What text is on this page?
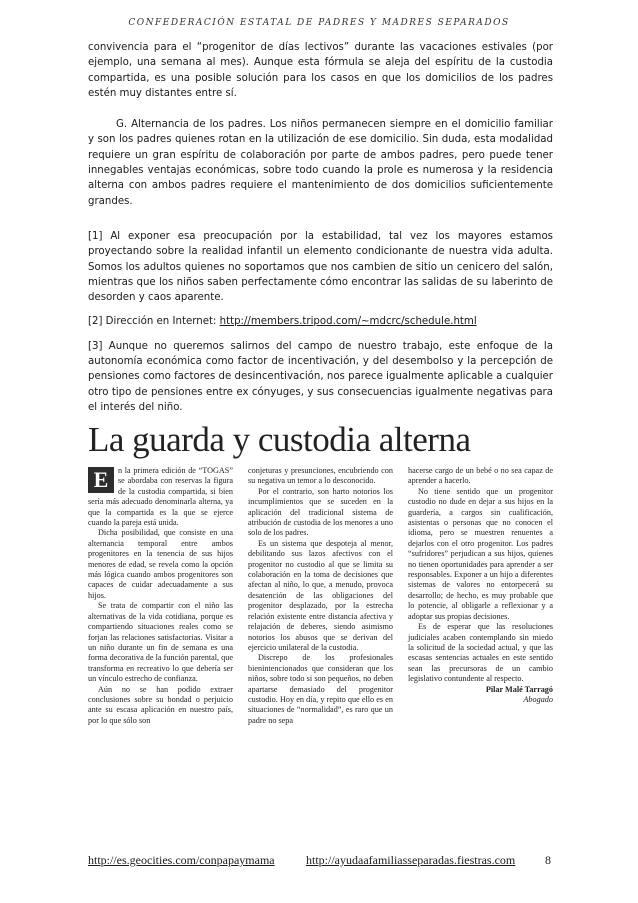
CONFEDERACIÓN ESTATAL DE PADRES Y MADRES SEPARADOS

convivencia para el “progenitor de días lectivos” durante las vacaciones estivales (por ejemplo, una semana al mes). Aunque esta fórmula se aleja del espíritu de la custodia compartida, es una posible solución para los casos en que los domicilios de los padres estén muy distantes entre sí.

G. Alternancia de los padres. Los niños permanecen siempre en el domicilio familiar y son los padres quienes rotan en la utilización de ese domicilio. Sin duda, esta modalidad requiere un gran espíritu de colaboración por parte de ambos padres, pero puede tener innegables ventajas económicas, sobre todo cuando la prole es numerosa y la residencia alterna con ambos padres requiere el mantenimiento de dos domicilios suficientemente grandes.

[1] Al exponer esa preocupación por la estabilidad, tal vez los mayores estamos proyectando sobre la realidad infantil un elemento condicionante de nuestra vida adulta. Somos los adultos quienes no soportamos que nos cambien de sitio un cenicero del salón, mientras que los niños saben perfectamente cómo encontrar las salidas de su laberinto de desorden y caos aparente.

[2] Dirección en Internet: http://members.tripod.com/~mdcrc/schedule.html

[3] Aunque no queremos salirnos del campo de nuestro trabajo, este enfoque de la autonomía económica como factor de incentivación, y del desembolso y la percepción de pensiones como factores de desincentivación, nos parece igualmente aplicable a cualquier otro tipo de pensiones entre ex cónyuges, y sus consecuencias igualmente negativas para el interés del niño.

La guarda y custodia alterna

E	n la primera edición de “TOGAS” se abordaba con reservas la figura de la custodia compartida, si bien sería más adecuado denominarla alterna, ya que la compartida es la que se ejerce cuando la pareja está unida.

Dicha posibilidad, que consiste en una alternancia temporal entre ambos progenitores en la tenencia de sus hijos menores de edad, se revela como la opción más lógica cuando ambos progenitores son capaces de cuidar adecuadamente a sus hijos.

Se trata de compartir con el niño las alternativas de la vida cotidiana, porque es compartiendo situaciones reales como se forjan las relaciones satisfactorias. Visitar a un niño durante un fin de semana es una forma decorativa de la función parental, que transforma en recreativo lo que debería ser un vínculo estrecho de confianza.

Aún no se han podido extraer conclusiones sobre su bondad o perjuicio ante su escasa aplicación en nuestro país, por lo que sólo son

conjeturas y presunciones, encubriendo con su negativa un temor a lo desconocido.

Por el contrario, son harto notorios los incumplimientos que se suceden en la aplicación del tradicional sistema de atribución de custodia de los menores a uno solo de los padres.

Es un sistema que despoteja al menor, debilitando sus lazos afectivos con el progenitor no custodio al que se limita su colaboración en la toma de decisiones que afectan al niño, lo que, a menudo, provoca desatención de las obligaciones del progenitor desplazado, por la estrecha relación existente entre distancia afectiva y relajación de deberes, siendo asimismo notorios los abusos que se derivan del ejercicio unilateral de la custodia.

Discrepo de los profesionales bienintencionados que consideran que los niños, sobre todo si son pequeños, no deben apartarse demasiado del progenitor custodio. Hoy en día, y repito que ello es en situaciones de “normalidad”, es raro que un padre no sepa

hacerse cargo de un bebé o no sea capaz de aprender a hacerlo.

No tiene sentido que un progenitor custodio no dude en dejar a sus hijos en la guardería, a cargos sin cualificación, asistentas o personas que no conocen el idioma, pero se muestren renuentes a dejarlos con el otro progenitor. Los padres “sufridores” perjudican a sus hijos, quienes no tienen oportunidades para aprender a ser responsables. Exponer a un hijo a diferentes sistemas de valores no entorpecerá su desarrollo; de hecho, es muy probable que lo potencie, al obligarle a reflexionar y a adoptar sus propias decisiones.

Es de esperar que las resoluciones judiciales acaben contemplando sin miedo la solicitud de la sociedad actual, y que las escasas sentencias actuales en este sentido sean las precursoras de un cambio legislativo contundente al respecto.

Pilar Malé Tarragó

Abogado

http://es.geocities.com/conpapaymama	http://ayudaafamiliasseparadas.fiestras.com 8
